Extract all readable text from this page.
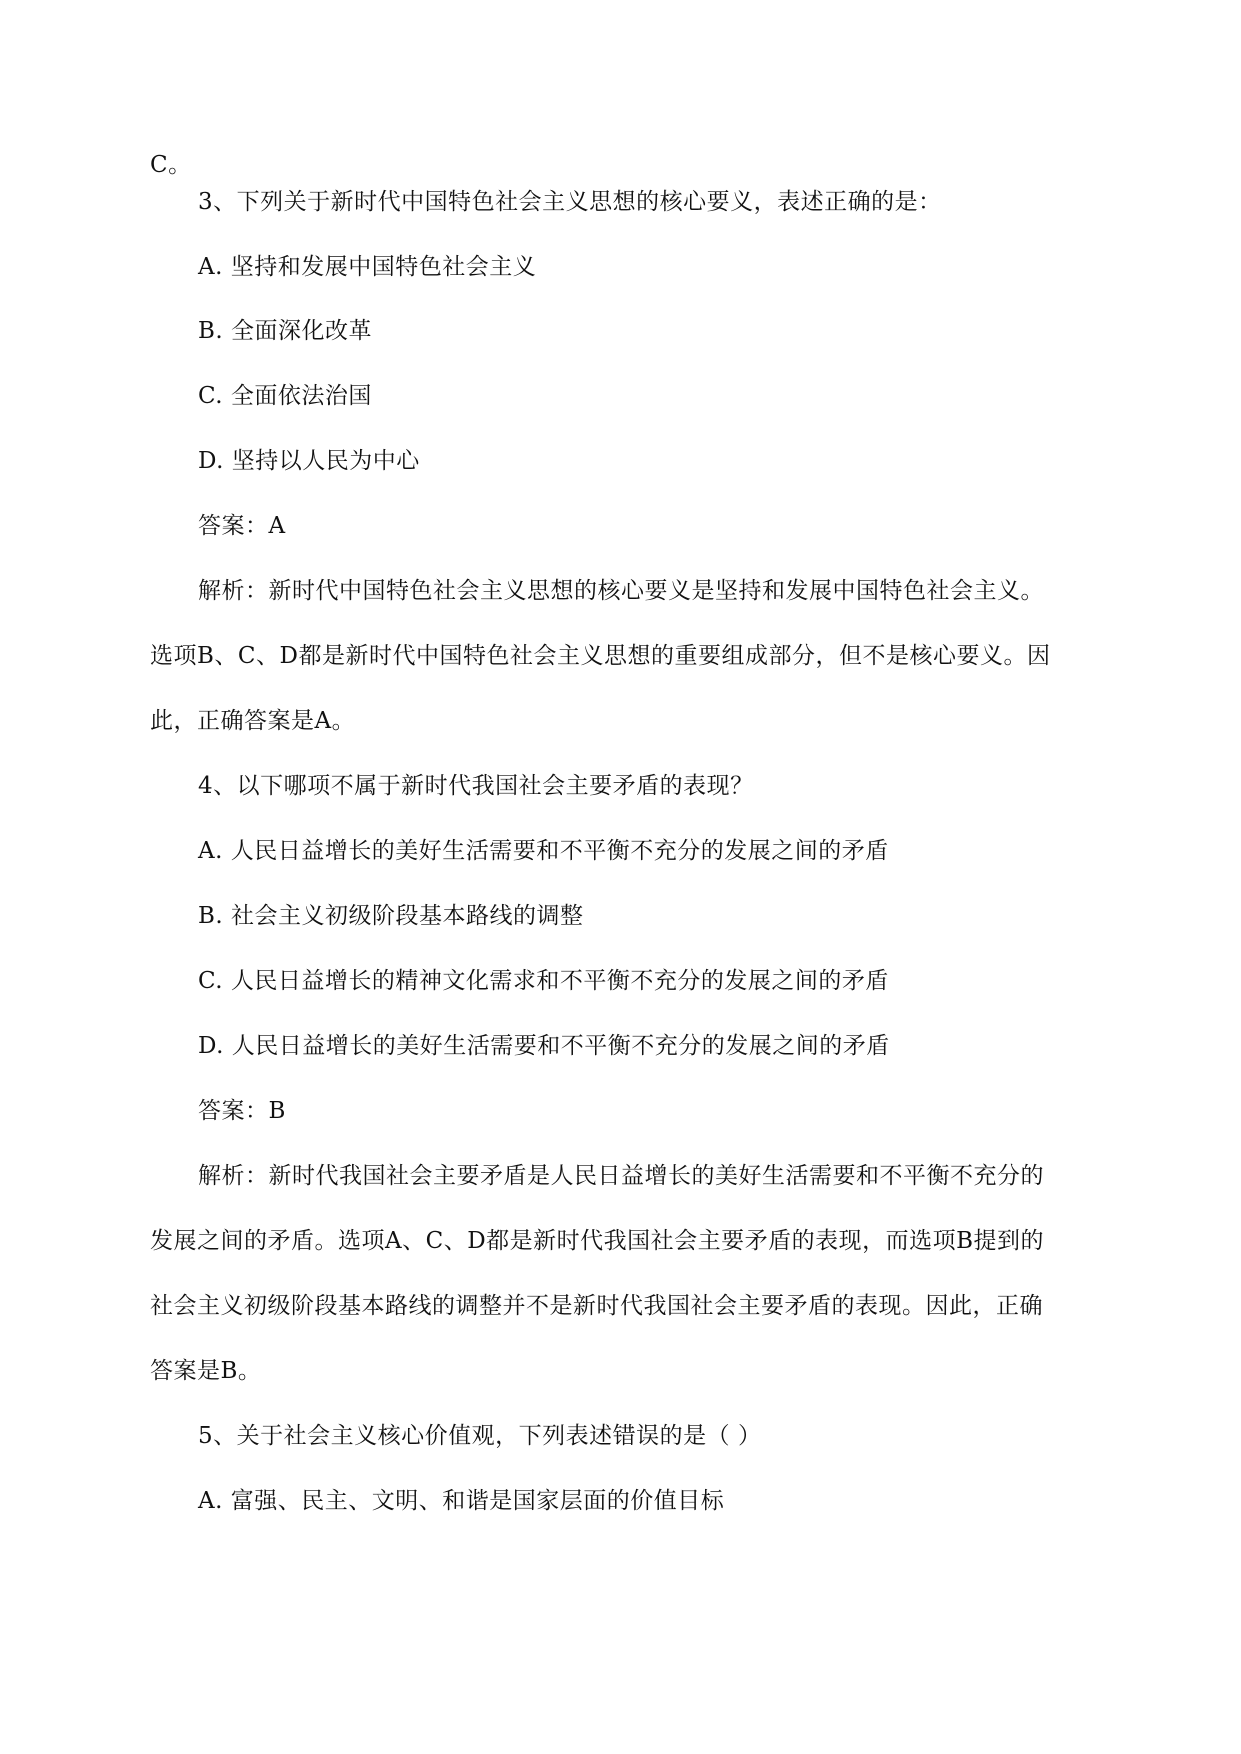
C。
3、下列关于新时代中国特色社会主义思想的核心要义，表述正确的是：
A. 坚持和发展中国特色社会主义
B. 全面深化改革
C. 全面依法治国
D. 坚持以人民为中心
答案：A
解析：新时代中国特色社会主义思想的核心要义是坚持和发展中国特色社会主义。
选项B、C、D都是新时代中国特色社会主义思想的重要组成部分，但不是核心要义。因
此，正确答案是A。
4、以下哪项不属于新时代我国社会主要矛盾的表现？
A. 人民日益增长的美好生活需要和不平衡不充分的发展之间的矛盾
B. 社会主义初级阶段基本路线的调整
C. 人民日益增长的精神文化需求和不平衡不充分的发展之间的矛盾
D. 人民日益增长的美好生活需要和不平衡不充分的发展之间的矛盾
答案：B
解析：新时代我国社会主要矛盾是人民日益增长的美好生活需要和不平衡不充分的
发展之间的矛盾。选项A、C、D都是新时代我国社会主要矛盾的表现，而选项B提到的
社会主义初级阶段基本路线的调整并不是新时代我国社会主要矛盾的表现。因此，正确
答案是B。
5、关于社会主义核心价值观，下列表述错误的是（ ）
A. 富强、民主、文明、和谐是国家层面的价值目标
